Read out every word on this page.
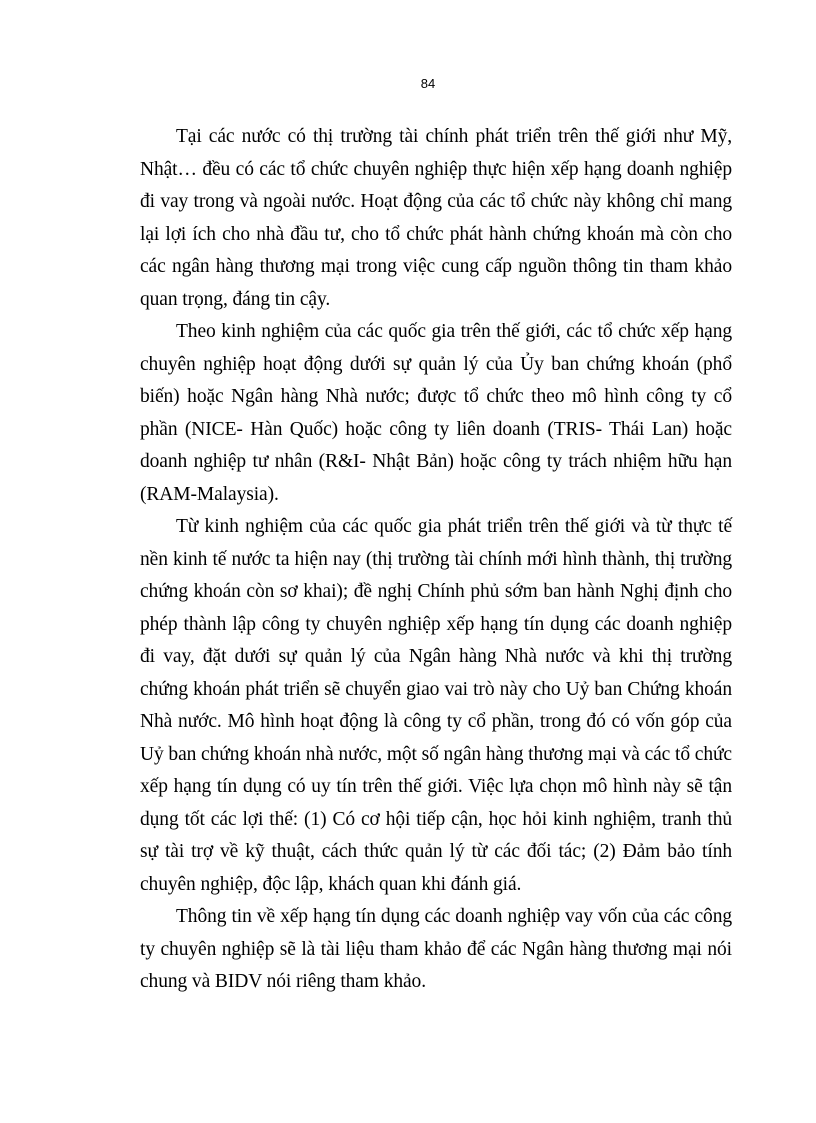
84

Tại các nước có thị trường tài chính phát triển trên thế giới như Mỹ, Nhật… đều có các tổ chức chuyên nghiệp thực hiện xếp hạng doanh nghiệp đi vay trong và ngoài nước. Hoạt động của các tổ chức này không chỉ mang lại lợi ích cho nhà đầu tư, cho tổ chức phát hành chứng khoán mà còn cho các ngân hàng thương mại trong việc cung cấp nguồn thông tin tham khảo quan trọng, đáng tin cậy.

Theo kinh nghiệm của các quốc gia trên thế giới, các tổ chức xếp hạng chuyên nghiệp hoạt động dưới sự quản lý của Ủy ban chứng khoán (phổ biến) hoặc Ngân hàng Nhà nước; được tổ chức theo mô hình công ty cổ phần (NICE- Hàn Quốc) hoặc công ty liên doanh (TRIS- Thái Lan) hoặc doanh nghiệp tư nhân (R&I- Nhật Bản) hoặc công ty trách nhiệm hữu hạn (RAM-Malaysia).

Từ kinh nghiệm của các quốc gia phát triển trên thế giới và từ thực tế nền kinh tế nước ta hiện nay (thị trường tài chính mới hình thành, thị trường chứng khoán còn sơ khai); đề nghị Chính phủ sớm ban hành Nghị định cho phép thành lập công ty chuyên nghiệp xếp hạng tín dụng các doanh nghiệp đi vay, đặt dưới sự quản lý của Ngân hàng Nhà nước và khi thị trường chứng khoán phát triển sẽ chuyển giao vai trò này cho Uỷ ban Chứng khoán Nhà nước. Mô hình hoạt động là công ty cổ phần, trong đó có vốn góp của Uỷ ban chứng khoán nhà nước, một số ngân hàng thương mại và các tổ chức xếp hạng tín dụng có uy tín trên thế giới. Việc lựa chọn mô hình này sẽ tận dụng tốt các lợi thế: (1) Có cơ hội tiếp cận, học hỏi kinh nghiệm, tranh thủ sự tài trợ về kỹ thuật, cách thức quản lý từ các đối tác; (2) Đảm bảo tính chuyên nghiệp, độc lập, khách quan khi đánh giá.

Thông tin về xếp hạng tín dụng các doanh nghiệp vay vốn của các công ty chuyên nghiệp sẽ là tài liệu tham khảo để các Ngân hàng thương mại nói chung và BIDV nói riêng tham khảo.
